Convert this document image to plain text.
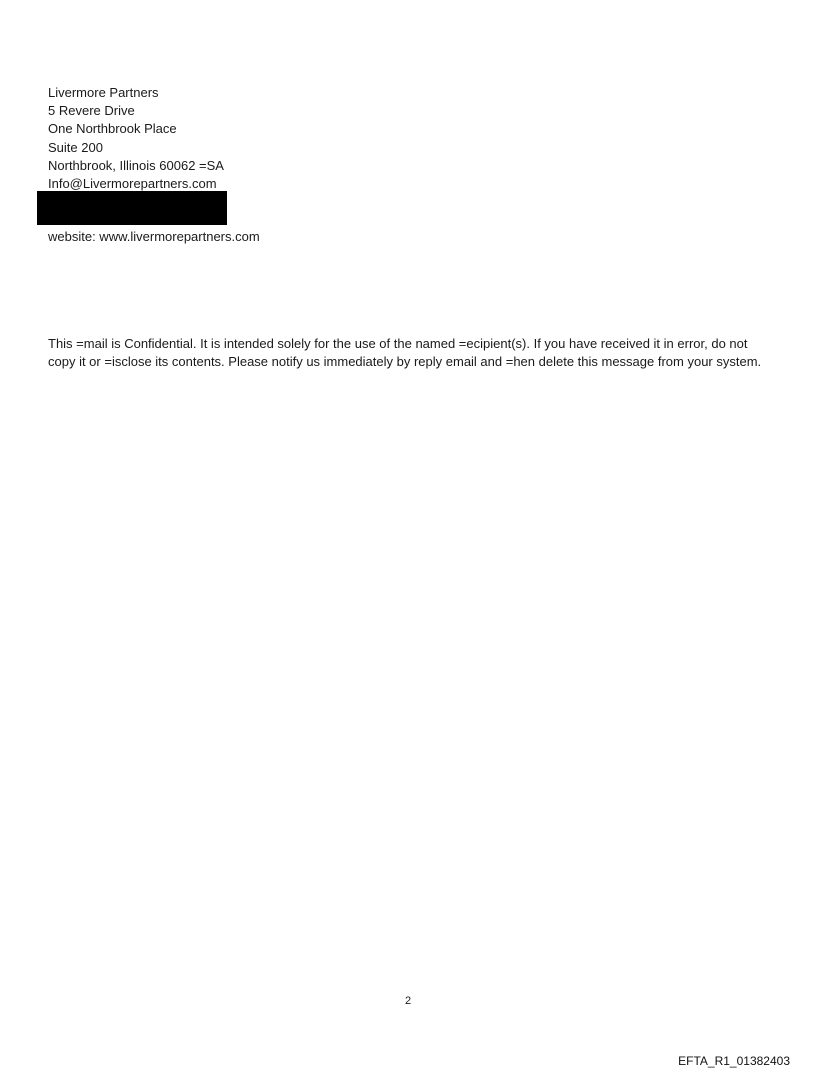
Livermore Partners
5 Revere Drive
One Northbrook Place
Suite 200
Northbrook, Illinois 60062 =SA
Info@Livermorepartners.com
website: www.livermorepartners.com
This =mail is Confidential. It is intended solely for the use of the named =ecipient(s). If you have received it in error, do not copy it or =isclose its contents. Please notify us immediately by reply email and =hen delete this message from your system.
2
EFTA_R1_01382403
